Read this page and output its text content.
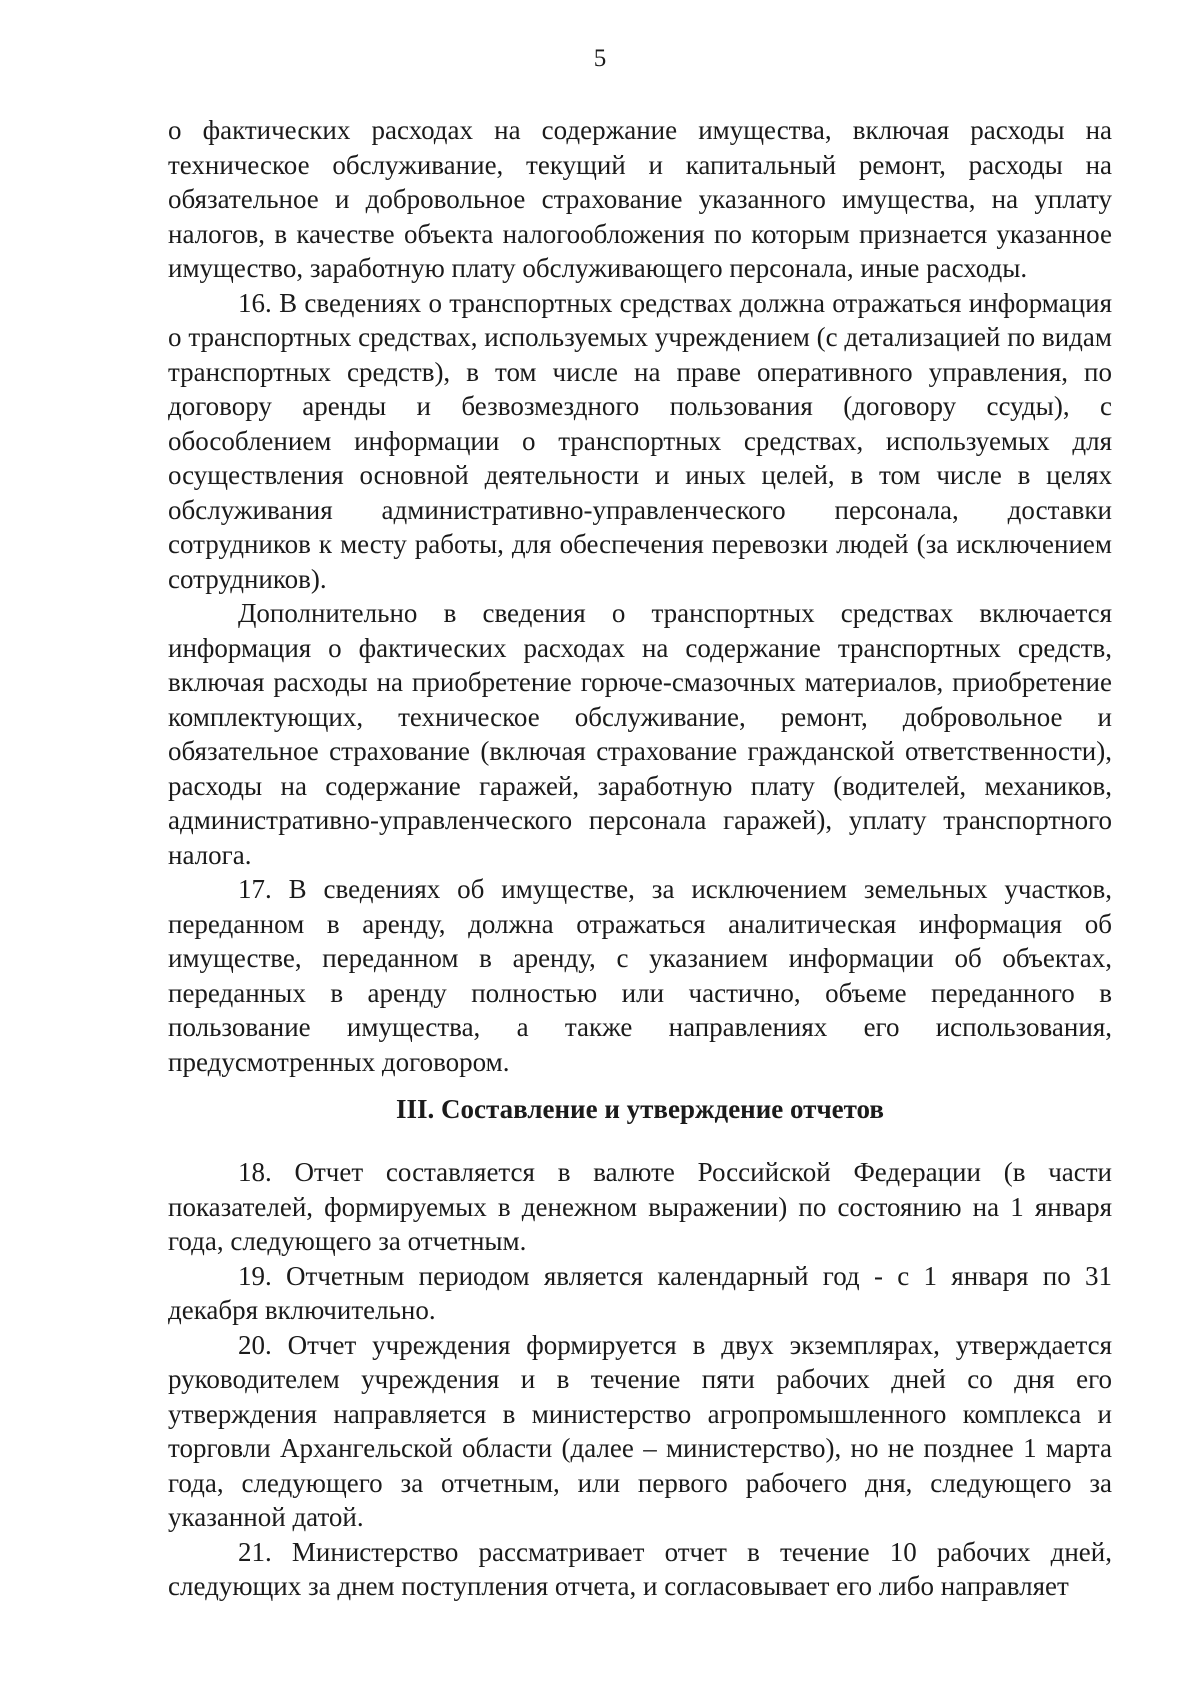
5

о фактических расходах на содержание имущества, включая расходы на техническое обслуживание, текущий и капитальный ремонт, расходы на обязательное и добровольное страхование указанного имущества, на уплату налогов, в качестве объекта налогообложения по которым признается указанное имущество, заработную плату обслуживающего персонала, иные расходы.

16. В сведениях о транспортных средствах должна отражаться информация о транспортных средствах, используемых учреждением (с детализацией по видам транспортных средств), в том числе на праве оперативного управления, по договору аренды и безвозмездного пользования (договору ссуды), с обособлением информации о транспортных средствах, используемых для осуществления основной деятельности и иных целей, в том числе в целях обслуживания административно-управленческого персонала, доставки сотрудников к месту работы, для обеспечения перевозки людей (за исключением сотрудников).

Дополнительно в сведения о транспортных средствах включается информация о фактических расходах на содержание транспортных средств, включая расходы на приобретение горюче-смазочных материалов, приобретение комплектующих, техническое обслуживание, ремонт, добровольное и обязательное страхование (включая страхование гражданской ответственности), расходы на содержание гаражей, заработную плату (водителей, механиков, административно-управленческого персонала гаражей), уплату транспортного налога.

17. В сведениях об имуществе, за исключением земельных участков, переданном в аренду, должна отражаться аналитическая информация об имуществе, переданном в аренду, с указанием информации об объектах, переданных в аренду полностью или частично, объеме переданного в пользование имущества, а также направлениях его использования, предусмотренных договором.

III. Составление и утверждение отчетов

18. Отчет составляется в валюте Российской Федерации (в части показателей, формируемых в денежном выражении) по состоянию на 1 января года, следующего за отчетным.

19. Отчетным периодом является календарный год - с 1 января по 31 декабря включительно.

20. Отчет учреждения формируется в двух экземплярах, утверждается руководителем учреждения и в течение пяти рабочих дней со дня его утверждения направляется в министерство агропромышленного комплекса и торговли Архангельской области (далее – министерство), но не позднее 1 марта года, следующего за отчетным, или первого рабочего дня, следующего за указанной датой.

21. Министерство рассматривает отчет в течение 10 рабочих дней, следующих за днем поступления отчета, и согласовывает его либо направляет
